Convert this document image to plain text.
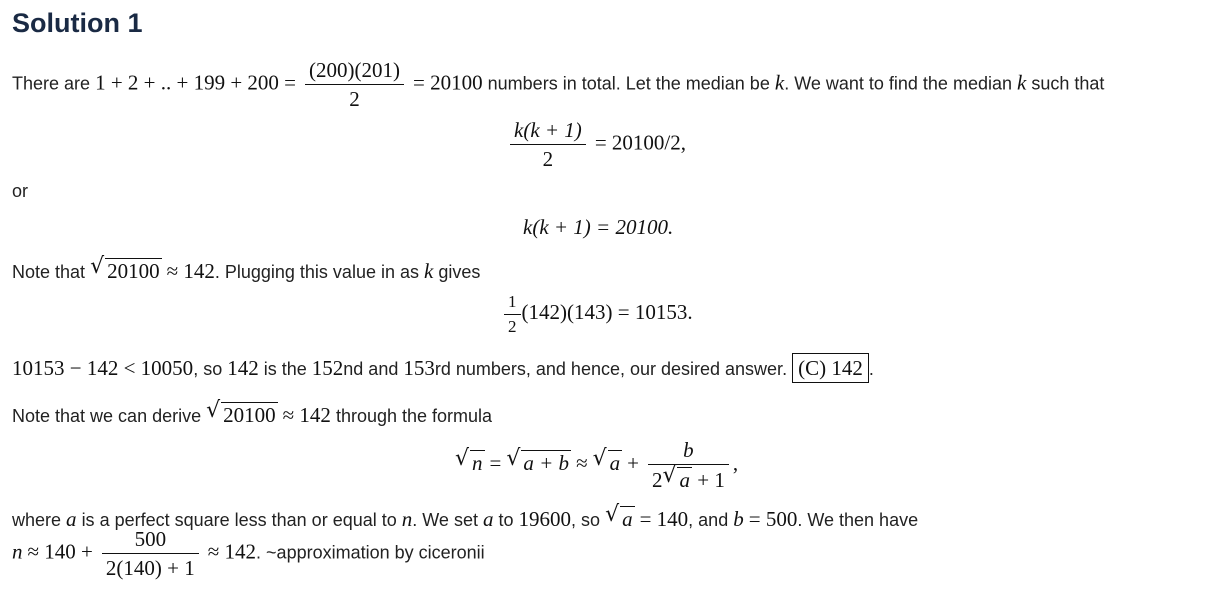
Solution 1
There are 1 + 2 + .. + $199 + 200 = \frac{(200)(201)}{2} = 20100$ numbers in total. Let the median be k. We want to find the median k such that
$\frac{k(k + 1)}{2} = 20100/2$,
or
k(k + 1) = 20100.
Note that √ 20100 ≈ 142. Plugging this value in as k gives
$\frac{1}{2} (142)(143) = 10153$.
10153 − 142 < 10050, so 142 is the 152nd and 153rd numbers, and hence, our desired answer. (C) 142 .
Note that we can derive √ 20100 ≈ 142 through the formula
√ n = √ a + b ≈ √ $a + \frac{b}{2 √ a + 1}$ ,
where a is a perfect square less than or equal to n. We set a to 19600, so √ a = 140, and b = 500. We then have
$n \approx 140 + \frac{500}{2(140) + 1} \approx 142$. ~approximation by ciceronii
